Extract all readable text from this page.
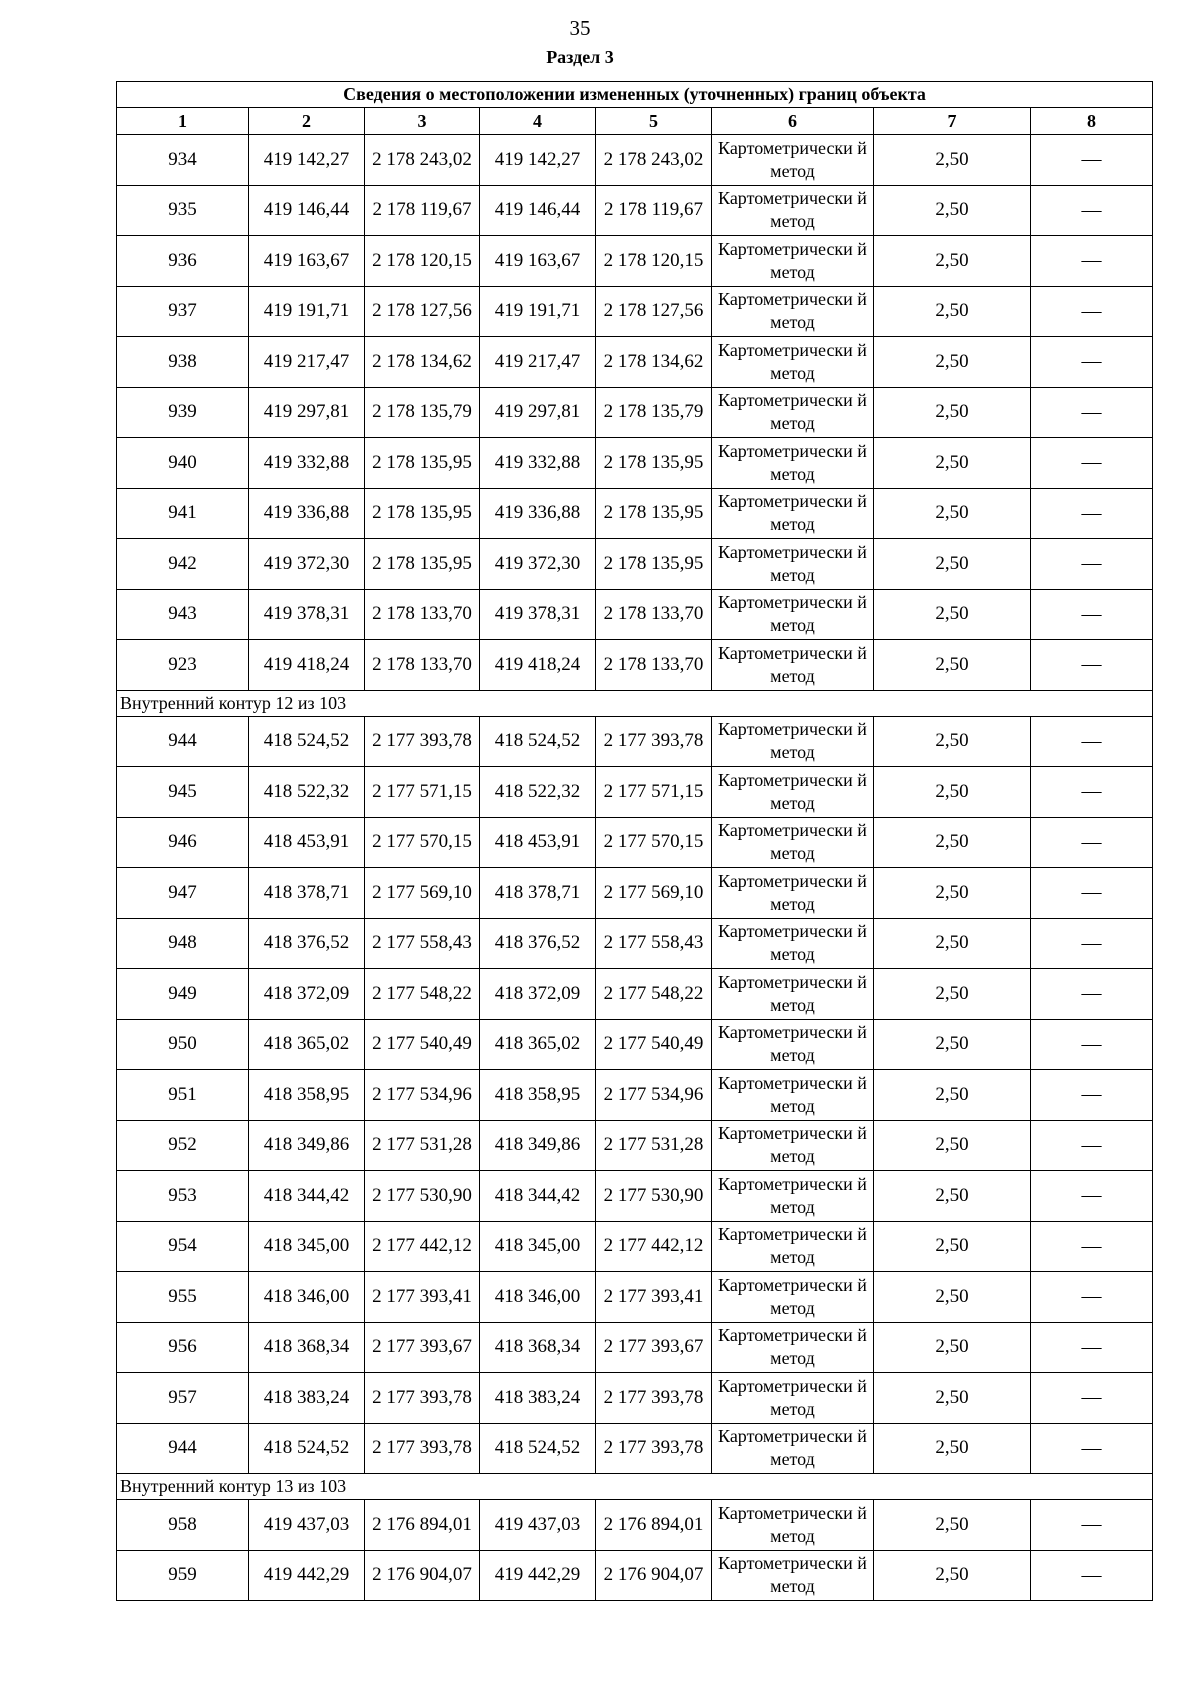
35
Раздел 3
Сведения о местоположении измененных (уточненных) границ объекта							
1	2	3	4	5	6	7	8
934	419 142,27	2 178 243,02	419 142,27	2 178 243,02	Картометрически й метод	2,50	—
935	419 146,44	2 178 119,67	419 146,44	2 178 119,67	Картометрически й метод	2,50	—
936	419 163,67	2 178 120,15	419 163,67	2 178 120,15	Картометрически й метод	2,50	—
937	419 191,71	2 178 127,56	419 191,71	2 178 127,56	Картометрически й метод	2,50	—
938	419 217,47	2 178 134,62	419 217,47	2 178 134,62	Картометрически й метод	2,50	—
939	419 297,81	2 178 135,79	419 297,81	2 178 135,79	Картометрически й метод	2,50	—
940	419 332,88	2 178 135,95	419 332,88	2 178 135,95	Картометрически й метод	2,50	—
941	419 336,88	2 178 135,95	419 336,88	2 178 135,95	Картометрически й метод	2,50	—
942	419 372,30	2 178 135,95	419 372,30	2 178 135,95	Картометрически й метод	2,50	—
943	419 378,31	2 178 133,70	419 378,31	2 178 133,70	Картометрически й метод	2,50	—
923	419 418,24	2 178 133,70	419 418,24	2 178 133,70	Картометрически й метод	2,50	—
Внутренний контур 12 из 103							
944	418 524,52	2 177 393,78	418 524,52	2 177 393,78	Картометрически й метод	2,50	—
945	418 522,32	2 177 571,15	418 522,32	2 177 571,15	Картометрически й метод	2,50	—
946	418 453,91	2 177 570,15	418 453,91	2 177 570,15	Картометрически й метод	2,50	—
947	418 378,71	2 177 569,10	418 378,71	2 177 569,10	Картометрически й метод	2,50	—
948	418 376,52	2 177 558,43	418 376,52	2 177 558,43	Картометрически й метод	2,50	—
949	418 372,09	2 177 548,22	418 372,09	2 177 548,22	Картометрически й метод	2,50	—
950	418 365,02	2 177 540,49	418 365,02	2 177 540,49	Картометрически й метод	2,50	—
951	418 358,95	2 177 534,96	418 358,95	2 177 534,96	Картометрически й метод	2,50	—
952	418 349,86	2 177 531,28	418 349,86	2 177 531,28	Картометрически й метод	2,50	—
953	418 344,42	2 177 530,90	418 344,42	2 177 530,90	Картометрически й метод	2,50	—
954	418 345,00	2 177 442,12	418 345,00	2 177 442,12	Картометрически й метод	2,50	—
955	418 346,00	2 177 393,41	418 346,00	2 177 393,41	Картометрически й метод	2,50	—
956	418 368,34	2 177 393,67	418 368,34	2 177 393,67	Картометрически й метод	2,50	—
957	418 383,24	2 177 393,78	418 383,24	2 177 393,78	Картометрически й метод	2,50	—
944	418 524,52	2 177 393,78	418 524,52	2 177 393,78	Картометрически й метод	2,50	—
Внутренний контур 13 из 103							
958	419 437,03	2 176 894,01	419 437,03	2 176 894,01	Картометрически й метод	2,50	—
959	419 442,29	2 176 904,07	419 442,29	2 176 904,07	Картометрически й метод	2,50	—
